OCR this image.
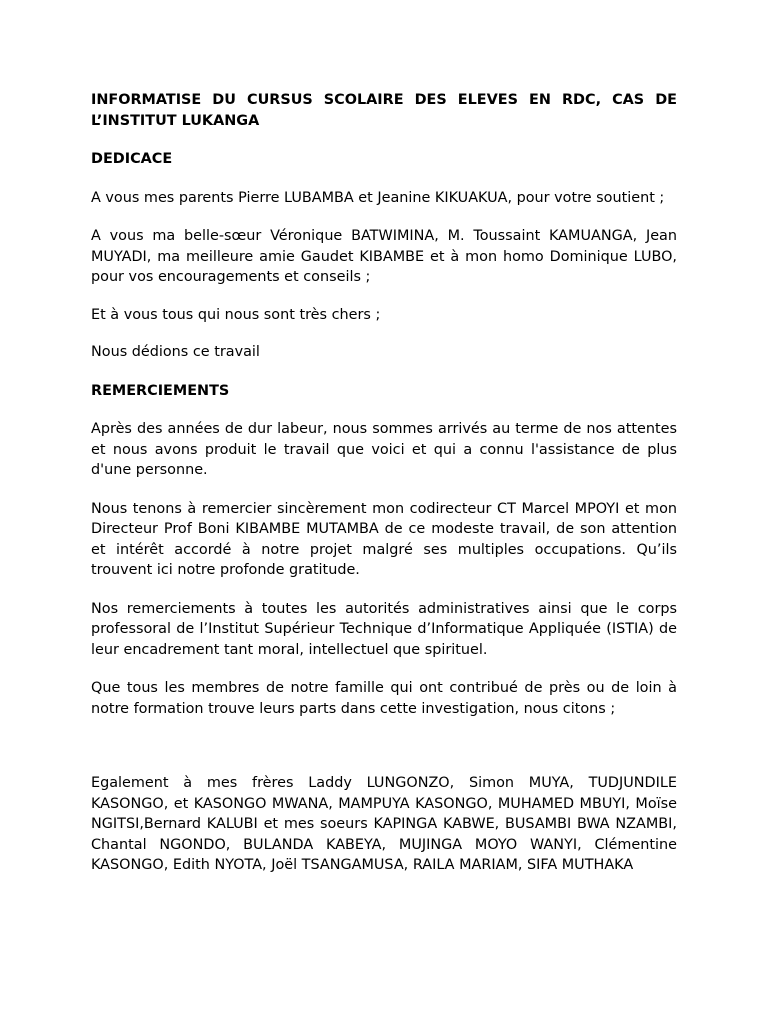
INFORMATISE DU CURSUS SCOLAIRE DES ELEVES EN RDC, CAS DE L’INSTITUT LUKANGA

DEDICACE

A vous mes parents Pierre LUBAMBA et Jeanine KIKUAKUA, pour votre soutient ;

A vous ma belle-sœur Véronique BATWIMINA, M. Toussaint KAMUANGA, Jean MUYADI, ma meilleure amie Gaudet KIBAMBE et à mon homo Dominique LUBO, pour vos encouragements et conseils ;

Et à vous tous qui nous sont très chers ;

Nous dédions ce travail

REMERCIEMENTS

Après des années de dur labeur, nous sommes arrivés au terme de nos attentes et nous avons produit le travail que voici et qui a connu l'assistance de plus d'une personne.

Nous tenons à remercier sincèrement mon codirecteur CT Marcel MPOYI et mon Directeur Prof Boni KIBAMBE MUTAMBA de ce modeste travail, de son attention et intérêt accordé à notre projet malgré ses multiples occupations. Qu’ils trouvent ici notre profonde gratitude.

Nos remerciements à toutes les autorités administratives ainsi que le corps professoral de l’Institut Supérieur Technique d’Informatique Appliquée (ISTIA) de leur encadrement tant moral, intellectuel que spirituel.

Que tous les membres de notre famille qui ont contribué de près ou de loin à notre formation trouve leurs parts dans cette investigation, nous citons ;

Egalement à mes frères Laddy LUNGONZO, Simon MUYA, TUDJUNDILE KASONGO, et KASONGO MWANA, MAMPUYA KASONGO, MUHAMED MBUYI, Moïse NGITSI,Bernard KALUBI et mes soeurs KAPINGA KABWE, BUSAMBI BWA NZAMBI, Chantal NGONDO, BULANDA KABEYA, MUJINGA MOYO WANYI, Clémentine KASONGO, Edith NYOTA, Joël TSANGAMUSA, RAILA MARIAM, SIFA MUTHAKA
